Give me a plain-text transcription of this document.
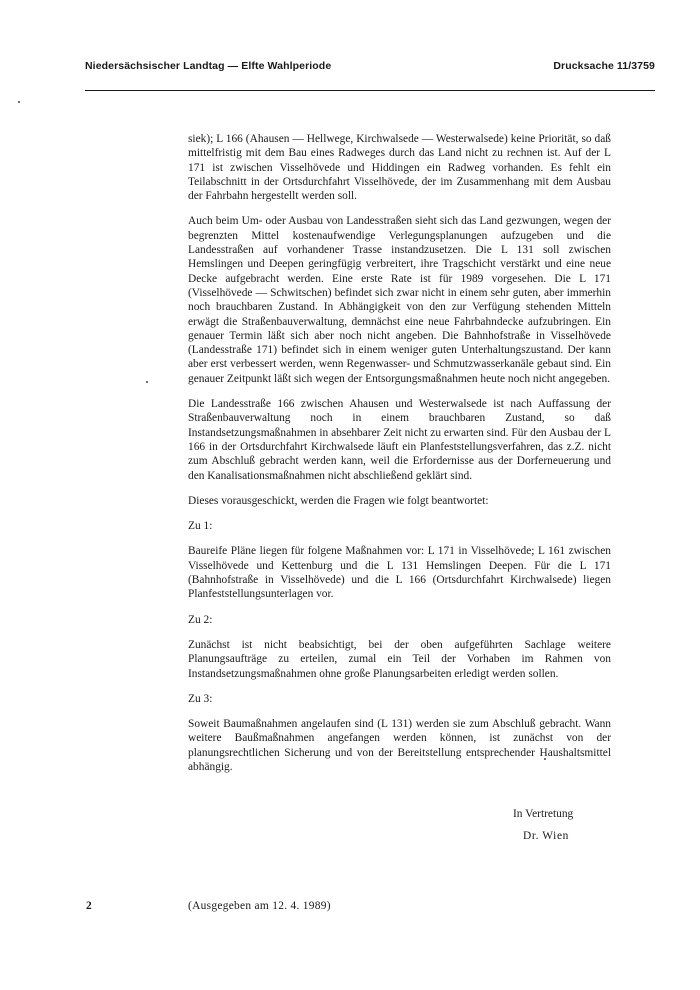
Niedersächsischer Landtag — Elfte Wahlperiode	Drucksache 11/3759

siek); L 166 (Ahausen — Hellwege, Kirchwalsede — Westerwalsede) keine Priorität, so daß mittelfristig mit dem Bau eines Radweges durch das Land nicht zu rechnen ist. Auf der L 171 ist zwischen Visselhövede und Hiddingen ein Radweg vorhanden. Es fehlt ein Teilabschnitt in der Ortsdurchfahrt Visselhövede, der im Zusammenhang mit dem Ausbau der Fahrbahn hergestellt werden soll.

Auch beim Um- oder Ausbau von Landesstraßen sieht sich das Land gezwungen, wegen der begrenzten Mittel kostenaufwendige Verlegungsplanungen aufzugeben und die Landesstraßen auf vorhandener Trasse instandzusetzen. Die L 131 soll zwischen Hemslingen und Deepen geringfügig verbreitert, ihre Tragschicht verstärkt und eine neue Decke aufgebracht werden. Eine erste Rate ist für 1989 vorgesehen. Die L 171 (Visselhövede — Schwitschen) befindet sich zwar nicht in einem sehr guten, aber immerhin noch brauchbaren Zustand. In Abhängigkeit von den zur Verfügung stehenden Mitteln erwägt die Straßenbauverwaltung, demnächst eine neue Fahrbahndecke aufzubringen. Ein genauer Termin läßt sich aber noch nicht angeben. Die Bahnhofstraße in Visselhövede (Landesstraße 171) befindet sich in einem weniger guten Unterhaltungszustand. Der kann aber erst verbessert werden, wenn Regenwasser- und Schmutzwasserkanäle gebaut sind. Ein genauer Zeitpunkt läßt sich wegen der Entsorgungsmaßnahmen heute noch nicht angegeben.

Die Landesstraße 166 zwischen Ahausen und Westerwalsede ist nach Auffassung der Straßenbauverwaltung noch in einem brauchbaren Zustand, so daß Instandsetzungsmaßnahmen in absehbarer Zeit nicht zu erwarten sind. Für den Ausbau der L 166 in der Ortsdurchfahrt Kirchwalsede läuft ein Planfeststellungsverfahren, das z.Z. nicht zum Abschluß gebracht werden kann, weil die Erfordernisse aus der Dorferneuerung und den Kanalisationsmaßnahmen nicht abschließend geklärt sind.

Dieses vorausgeschickt, werden die Fragen wie folgt beantwortet:

Zu 1:

Baureife Pläne liegen für folgene Maßnahmen vor: L 171 in Visselhövede; L 161 zwischen Visselhövede und Kettenburg und die L 131 Hemslingen Deepen. Für die L 171 (Bahnhofstraße in Visselhövede) und die L 166 (Ortsdurchfahrt Kirchwalsede) liegen Planfeststellungsunterlagen vor.

Zu 2:

Zunächst ist nicht beabsichtigt, bei der oben aufgeführten Sachlage weitere Planungsaufträge zu erteilen, zumal ein Teil der Vorhaben im Rahmen von Instandsetzungsmaßnahmen ohne große Planungsarbeiten erledigt werden sollen.

Zu 3:

Soweit Baumaßnahmen angelaufen sind (L 131) werden sie zum Abschluß gebracht. Wann weitere Baußmaßnahmen angefangen werden können, ist zunächst von der planungsrechtlichen Sicherung und von der Bereitstellung entsprechender Haushaltsmittel abhängig.

In Vertretung
Dr. Wien
2	(Ausgegeben am 12. 4. 1989)
